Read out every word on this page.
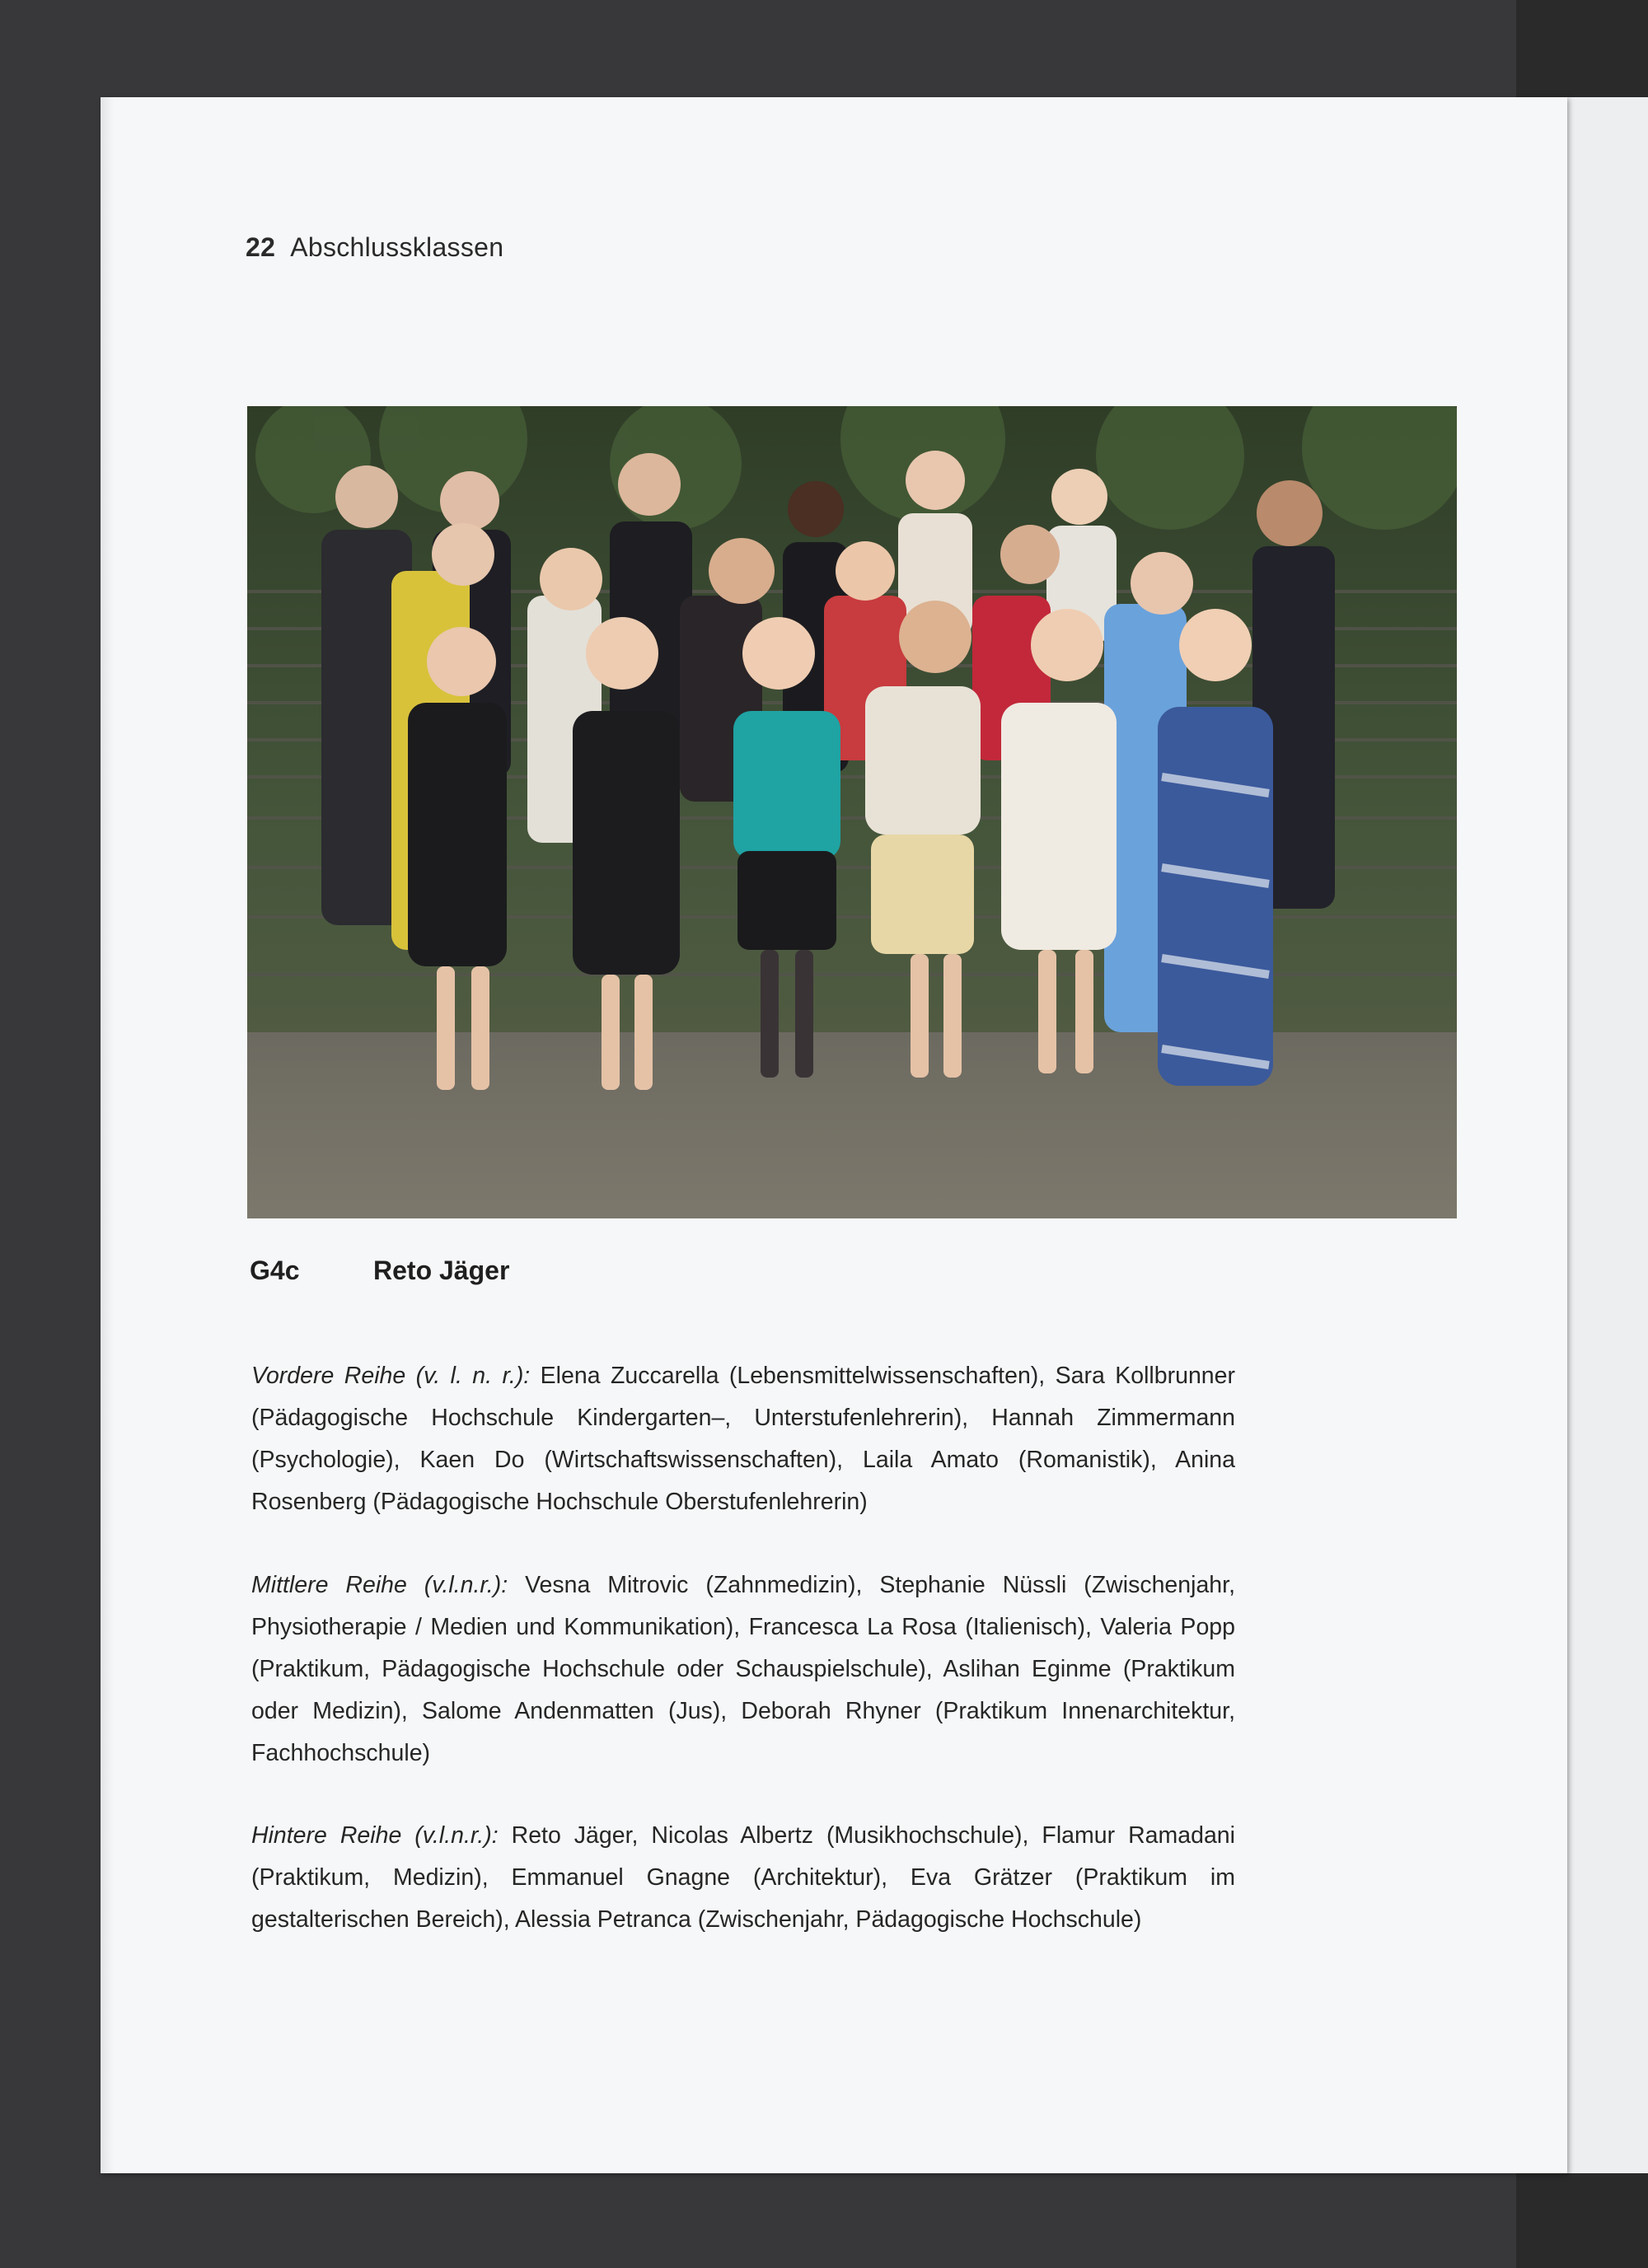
22 Abschlussklassen
G4c	Reto Jäger
Vordere Reihe (v. l. n. r.): Elena Zuccarella (Lebensmittelwissenschaften), Sara Kollbrunner (Pädagogische Hochschule Kindergarten–, Unterstufenlehrerin), Hannah Zimmermann (Psychologie), Kaen Do (Wirtschaftswissenschaften), Laila Amato (Romanistik), Anina Rosenberg (Pädagogische Hochschule Oberstufenlehrerin)
Mittlere Reihe (v.l.n.r.): Vesna Mitrovic (Zahnmedizin), Stephanie Nüssli (Zwischenjahr, Physiotherapie / Medien und Kommunikation), Francesca La Rosa (Italienisch), Valeria Popp (Praktikum, Pädagogische Hochschule oder Schauspielschule), Aslihan Eginme (Praktikum oder Medizin), Salome Andenmatten (Jus), Deborah Rhyner (Praktikum Innenarchitektur, Fachhochschule)
Hintere Reihe (v.l.n.r.): Reto Jäger, Nicolas Albertz (Musikhochschule), Flamur Ramadani (Praktikum, Medizin), Emmanuel Gnagne (Architektur), Eva Grätzer (Praktikum im gestalterischen Bereich), Alessia Petranca (Zwischenjahr, Pädagogische Hochschule)
